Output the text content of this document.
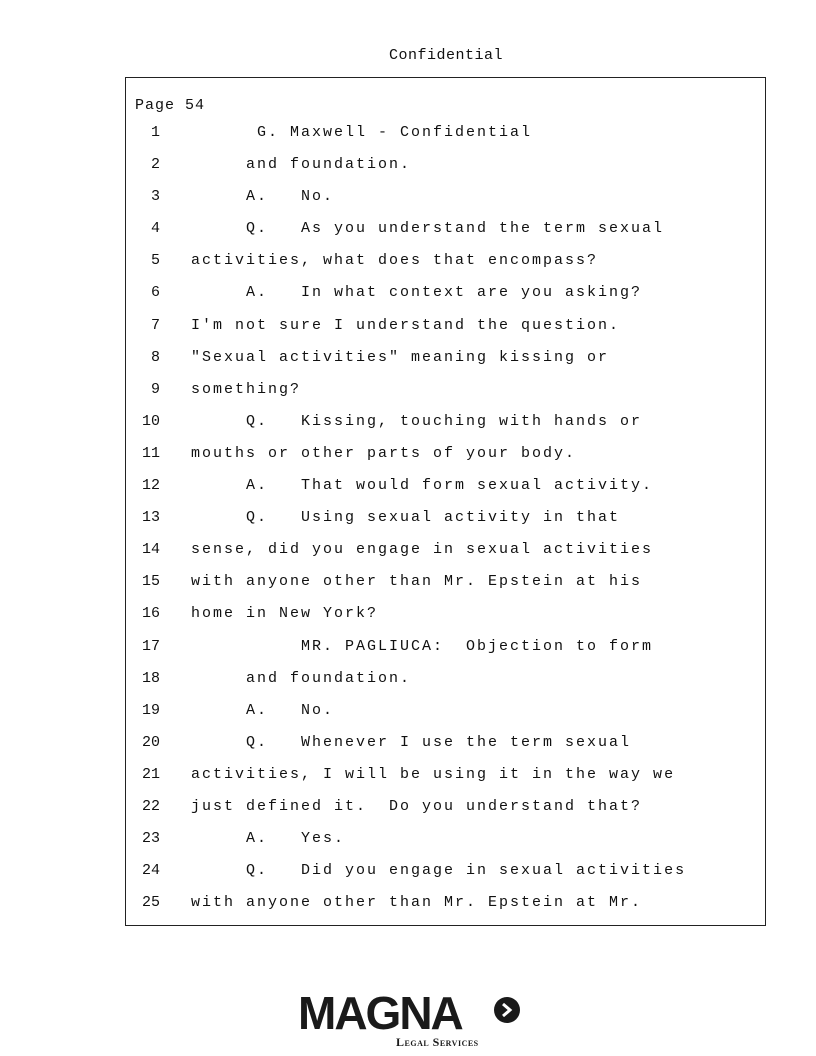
Confidential
Page 54
1 G. Maxwell - Confidential
2 and foundation.
3 A.   No.
4 Q.   As you understand the term sexual
5 activities, what does that encompass?
6 A.   In what context are you asking?
7 I'm not sure I understand the question.
8 "Sexual activities" meaning kissing or
9 something?
10 Q.   Kissing, touching with hands or
11 mouths or other parts of your body.
12 A.   That would form sexual activity.
13 Q.   Using sexual activity in that
14 sense, did you engage in sexual activities
15 with anyone other than Mr. Epstein at his
16 home in New York?
17 MR. PAGLIUCA:  Objection to form
18 and foundation.
19 A.   No.
20 Q.   Whenever I use the term sexual
21 activities, I will be using it in the way we
22 just defined it.  Do you understand that?
23 A.   Yes.
24 Q.   Did you engage in sexual activities
25 with anyone other than Mr. Epstein at Mr.
MAGNA
Legal Services
